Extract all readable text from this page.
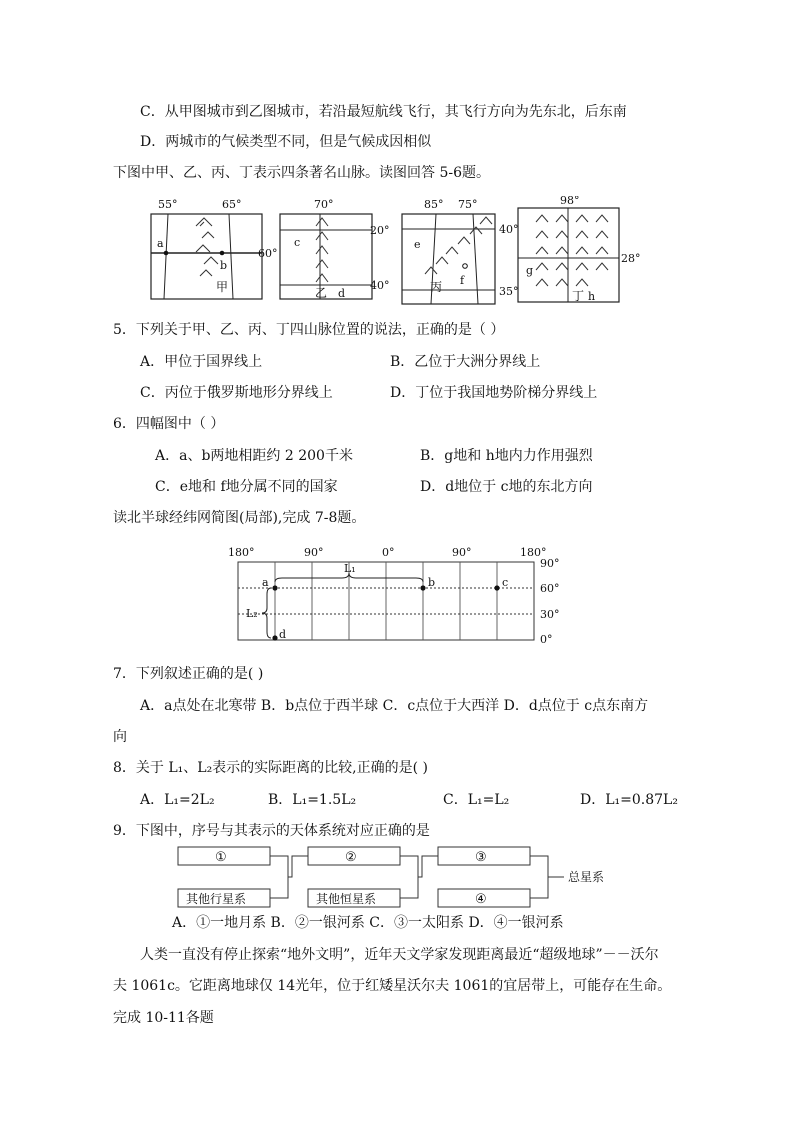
C．从甲图城市到乙图城市，若沿最短航线飞行，其飞行方向为先东北，后东南
D．两城市的气候类型不同，但是气候成因相似
下图中甲、乙、丙、丁表示四条著名山脉。读图回答 5-6题。
55°	65°
60°
a
b
甲
70°
20°
40°
c
d
乙
85° 75°
40°
35°
e
f
丙
98°
28°
g
h
丁
5．下列关于甲、乙、丙、丁四山脉位置的说法，正确的是（ ）
A．甲位于国界线上	B．乙位于大洲分界线上
C．丙位于俄罗斯地形分界线上	D．丁位于我国地势阶梯分界线上
6．四幅图中（ ）
A．a、b两地相距约 2 200千米	B．g地和 h地内力作用强烈
C．e地和 f地分属不同的国家	D．d地位于 c地的东北方向
读北半球经纬网简图(局部),完成 7-8题。
180°	90°	0°	90°	180°
90°
60°
30°
0°
a	b	c
d
L₁
L₂
7．下列叙述正确的是( )
A．a点处在北寒带 B．b点位于西半球 C．c点位于大西洋 D．d点位于 c点东南方
向
8．关于 L₁、L₂表示的实际距离的比较,正确的是( )
A．L₁=2L₂	B．L₁=1.5L₂	C．L₁=L₂	D．L₁=0.87L₂
9．下图中，序号与其表示的天体系统对应正确的是
①	②	③
④
其他行星系	其他恒星系
总星系
A．①一地月系 B．②一银河系 C．③一太阳系 D．④一银河系
人类一直没有停止探索“地外文明”，近年天文学家发现距离最近“超级地球”－－沃尔
夫 1061c。它距离地球仅 14光年，位于红矮星沃尔夫 1061的宜居带上，可能存在生命。
完成 10-11各题
